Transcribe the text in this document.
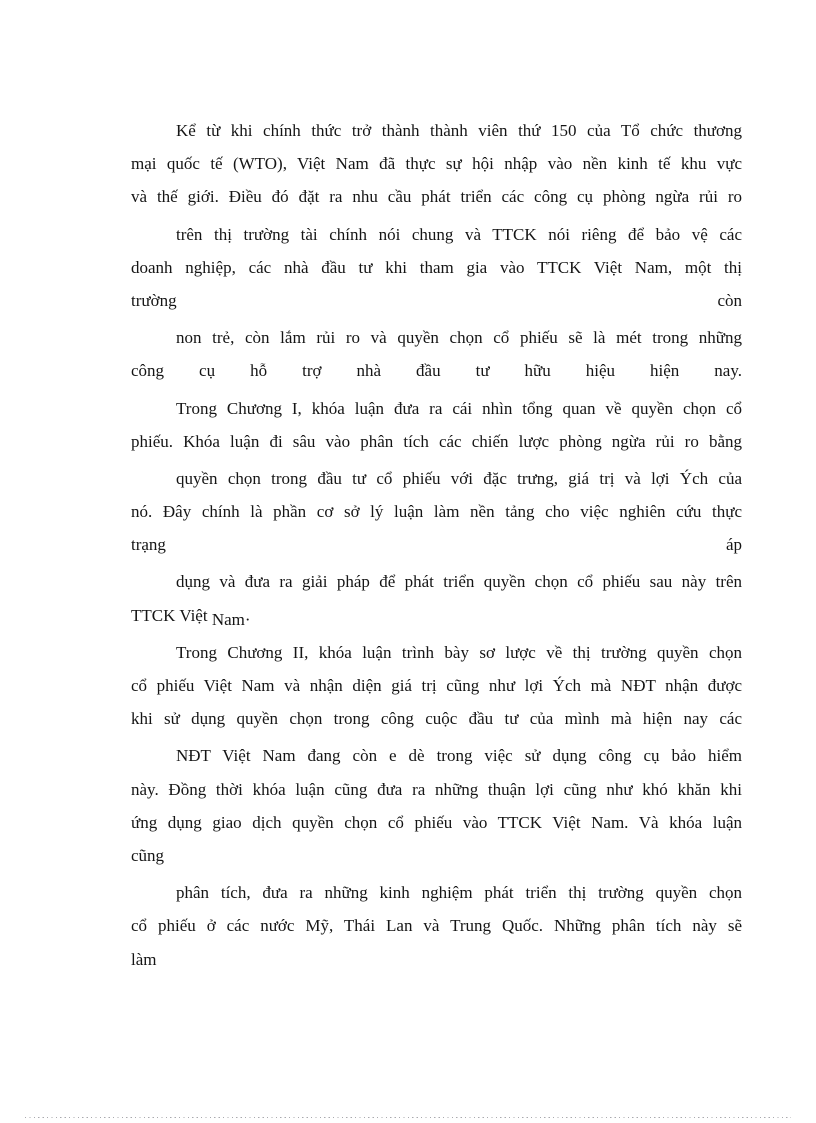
Kể từ khi chính thức trở thành thành viên thứ 150 của Tổ chức thương
mại quốc tế (WTO), Việt Nam đã thực sự hội nhập vào nền kinh tế khu vực
và thế giới. Điều đó đặt ra nhu cầu phát triển các công cụ phòng ngừa rủi ro
trên thị trường tài chính nói chung và TTCK nói riêng để bảo vệ các
doanh nghiệp, các nhà đầu tư khi tham gia vào TTCK Việt Nam, một thị
trường	còn
non trẻ, còn lắm rủi ro và quyền chọn cổ phiếu sẽ là mét trong những
công cụ hỗ trợ nhà đầu tư hữu hiệu hiện nay.
Trong Chương I, khóa luận đưa ra cái nhìn tổng quan về quyền chọn cổ
phiếu. Khóa luận đi sâu vào phân tích các chiến lược phòng ngừa rủi ro bằng
quyền chọn trong đầu tư cổ phiếu với đặc trưng, giá trị và lợi Ých của
nó. Đây chính là phần cơ sở lý luận làm nền tảng cho việc nghiên cứu thực
trạng	áp
dụng và đưa ra giải pháp để phát triển quyền chọn cổ phiếu sau này trên
TTCK Việt Nam·
Trong Chương II, khóa luận trình bày sơ lược về thị trường quyền chọn
cổ phiếu Việt Nam và nhận diện giá trị cũng như lợi Ých mà NĐT nhận được
khi sử dụng quyền chọn trong công cuộc đầu tư của mình mà hiện nay các
NĐT Việt Nam đang còn e dè trong việc sử dụng công cụ bảo hiểm
này. Đồng thời khóa luận cũng đưa ra những thuận lợi cũng như khó khăn khi
ứng dụng giao dịch quyền chọn cổ phiếu vào TTCK Việt Nam. Và khóa luận
cũng
phân tích, đưa ra những kinh nghiệm phát triển thị trường quyền chọn
cổ phiếu ở các nước Mỹ, Thái Lan và Trung Quốc. Những phân tích này sẽ
làm
